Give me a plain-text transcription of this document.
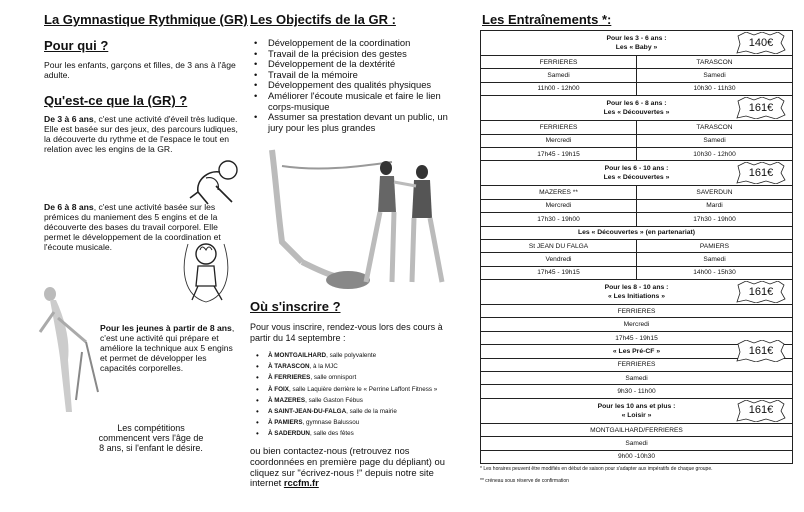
La Gymnastique Rythmique (GR)
Pour qui ?
Pour les enfants, garçons et filles, de 3 ans à l'âge adulte.
Qu'est-ce que la (GR) ?
De 3 à 6 ans, c'est une activité d'éveil très ludique. Elle est basée sur des jeux, des parcours ludiques, la découverte du rythme et de l'espace le tout en relation avec les engins de la GR.
De 6 à 8 ans, c'est une activité basée sur les prémices du maniement des 5 engins et de la découverte des bases du travail corporel. Elle permet le développement de la coordination et l'écoute musicale.
Pour les jeunes à partir de 8 ans, c'est une activité qui prépare et améliore la technique aux 5 engins et permet de développer les capacités corporelles.
Les compétitions commencent vers l'âge de 8 ans, si l'enfant le désire.
Les Objectifs de la GR :
• Développement de la coordination
• Travail de la précision des gestes
• Développement de la dextérité
• Travail de la mémoire
• Développement des qualités physiques
• Améliorer l'écoute musicale et faire le lien corps-musique
• Assumer sa prestation devant un public, un jury pour les plus grandes
Où s'inscrire ?
Pour vous inscrire, rendez-vous lors des cours à partir du 14 septembre :
• À MONTGAILHARD, salle polyvalente
• À TARASCON, à la MJC
• À FERRIERES, salle omnisport
• À FOIX, salle Laquière derrière le « Perrine Laffont Fitness »
• À MAZERES, salle Gaston Fébus
• A SAINT-JEAN-DU-FALGA, salle de la mairie
• À PAMIERS, gymnase Balussou
• À SADERDUN, salle des fêtes
ou bien contactez-nous (retrouvez nos coordonnées en première page du dépliant) ou cliquez sur "écrivez-nous !" depuis notre site internet rccfm.fr
Les Entraînements *:
Pour les 3 - 6 ans :
Les « Baby »	140€
FERRIERES	TARASCON
Samedi	Samedi
11h00 - 12h00	10h30 - 11h30
Pour les 6 - 8 ans :
Les « Découvertes »	161€
FERRIERES	TARASCON
Mercredi	Samedi
17h45 - 19h15	10h30 - 12h00
Pour les 6 - 10 ans :
Les « Découvertes »	161€
MAZERES **	SAVERDUN
Mercredi	Mardi
17h30 - 19h00	17h30 - 19h00
Les « Découvertes » (en partenariat)
St JEAN DU FALGA	PAMIERS
Vendredi	Samedi
17h45 - 19h15	14h00 - 15h30
Pour les 8 - 10 ans :
« Les Initiations »	161€
FERRIERES
Mercredi
17h45 - 19h15
« Les Pré-CF »	161€
FERRIERES
Samedi
9h30 - 11h00
Pour les 10 ans et plus :
« Loisir »	161€
MONTGAILHARD/FERRIERES
Samedi
9h00 -10h30
* Les horaires peuvent être modifiés en début de saison pour s'adapter aux impératifs de chaque groupe.
** créneau sous réserve de confirmation
